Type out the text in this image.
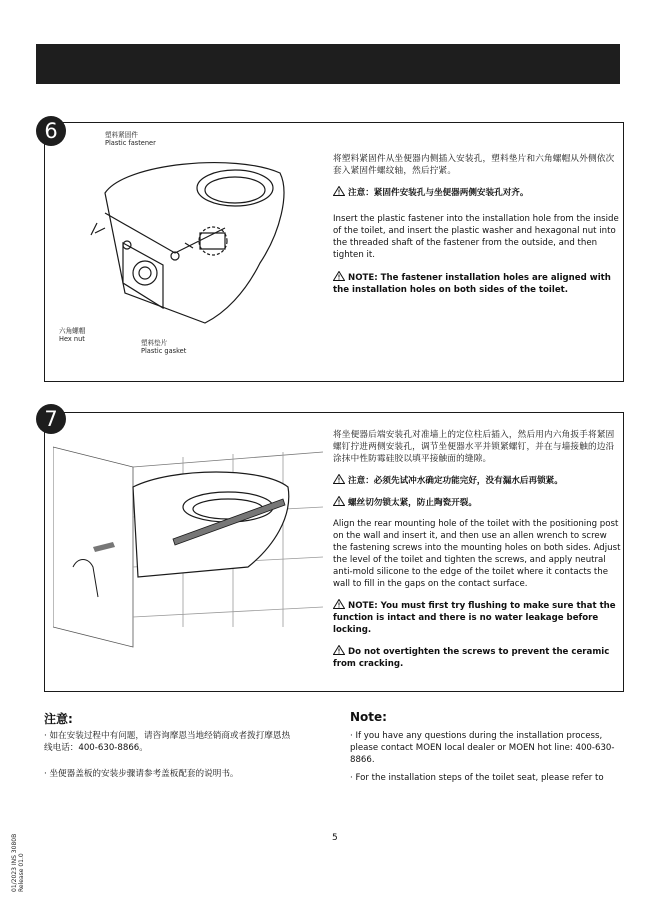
塑料紧固件
Plastic fastener
六角螺帽
Hex nut	塑料垫片
Plastic gasket

将塑料紧固件从坐便器内侧插入安装孔，塑料垫片和六角螺帽从外侧依次套入紧固件螺纹轴，然后拧紧。

注意：紧固件安装孔与坐便器两侧安装孔对齐。

Insert the plastic fastener into the installation hole from the inside of the toilet, and insert the plastic washer and hexagonal nut into the threaded shaft of the fastener from the outside, and then tighten it.

NOTE: The fastener installation holes are aligned with the installation holes on both sides of the toilet.

6

将坐便器后端安装孔对准墙上的定位柱后插入，然后用内六角扳手将紧固螺钉拧进两侧安装孔，调节坐便器水平并锁紧螺钉，并在与墙接触的边沿涂抹中性防霉硅胶以填平接触面的缝隙。

注意：必须先试冲水确定功能完好，没有漏水后再锁紧。

螺丝切勿锁太紧，防止陶瓷开裂。

Align the rear mounting hole of the toilet with the positioning post on the wall and insert it, and then use an allen wrench to screw the fastening screws into the mounting holes on both sides. Adjust the level of the toilet and tighten the screws, and apply neutral anti-mold silicone to the edge of the toilet where it contacts the wall to fill in the gaps on the contact surface.

NOTE: You must first try flushing to make sure that the function is intact and there is no water leakage before locking.

Do not overtighten the screws to prevent the ceramic from cracking.

7
注意:

· 如在安装过程中有问题，请咨询摩恩当地经销商或者拨打摩恩热线电话：400-630-8866。

· 坐便器盖板的安装步骤请参考盖板配套的说明书。

Note:

· If you have any questions during the installation process, please contact MOEN local dealer or MOEN hot line: 400-630-8866.

· For the installation steps of the toilet seat, please refer to

5
01/2023 INS 3080B Release 01.0
